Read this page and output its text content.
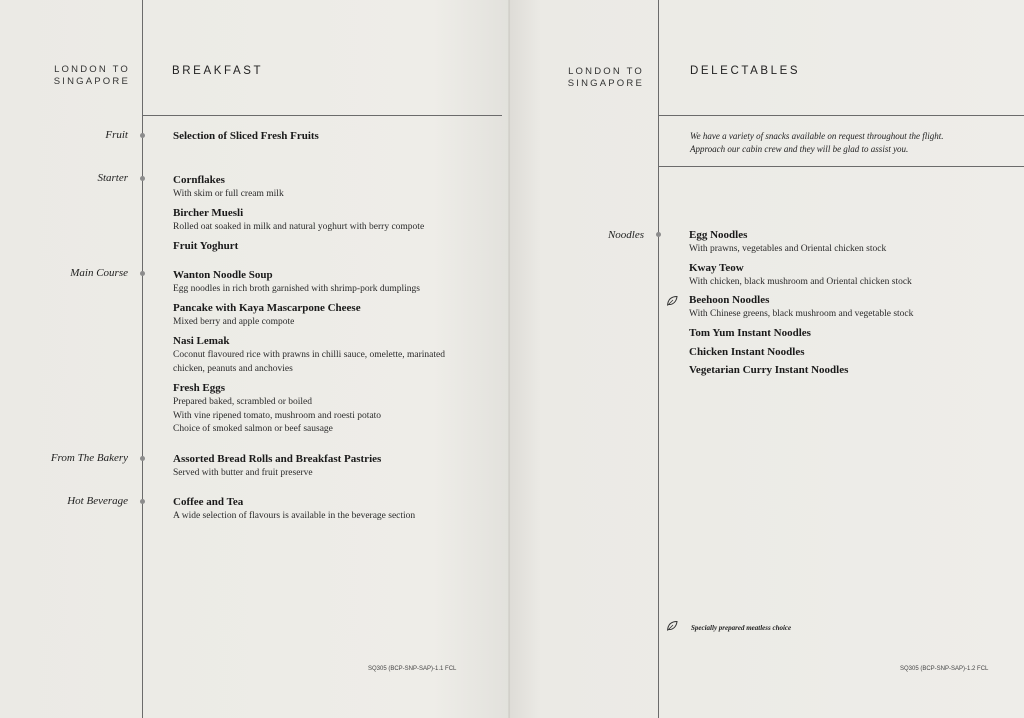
LONDON TO
SINGAPORE
BREAKFAST
Fruit
Starter
Main Course
From The Bakery
Hot Beverage
Selection of Sliced Fresh Fruits
Cornflakes
With skim or full cream milk
Bircher Muesli
Rolled oat soaked in milk and natural yoghurt with berry compote
Fruit Yoghurt
Wanton Noodle Soup
Egg noodles in rich broth garnished with shrimp-pork dumplings
Pancake with Kaya Mascarpone Cheese
Mixed berry and apple compote
Nasi Lemak
Coconut flavoured rice with prawns in chilli sauce, omelette, marinated
chicken, peanuts and anchovies
Fresh Eggs
Prepared baked, scrambled or boiled
With vine ripened tomato, mushroom and roesti potato
Choice of smoked salmon or beef sausage
Assorted Bread Rolls and Breakfast Pastries
Served with butter and fruit preserve
Coffee and Tea
A wide selection of flavours is available in the beverage section
SQ305 (BCP-SNP-SAP)-1.1 FCL
LONDON TO
SINGAPORE
DELECTABLES
We have a variety of snacks available on request throughout the flight.
Approach our cabin crew and they will be glad to assist you.
Noodles	Egg Noodles
With prawns, vegetables and Oriental chicken stock
Kway Teow
With chicken, black mushroom and Oriental chicken stock
Beehoon Noodles
With Chinese greens, black mushroom and vegetable stock
Tom Yum Instant Noodles
Chicken Instant Noodles
Vegetarian Curry Instant Noodles
Specially prepared meatless choice
SQ305 (BCP-SNP-SAP)-1.2 FCL
